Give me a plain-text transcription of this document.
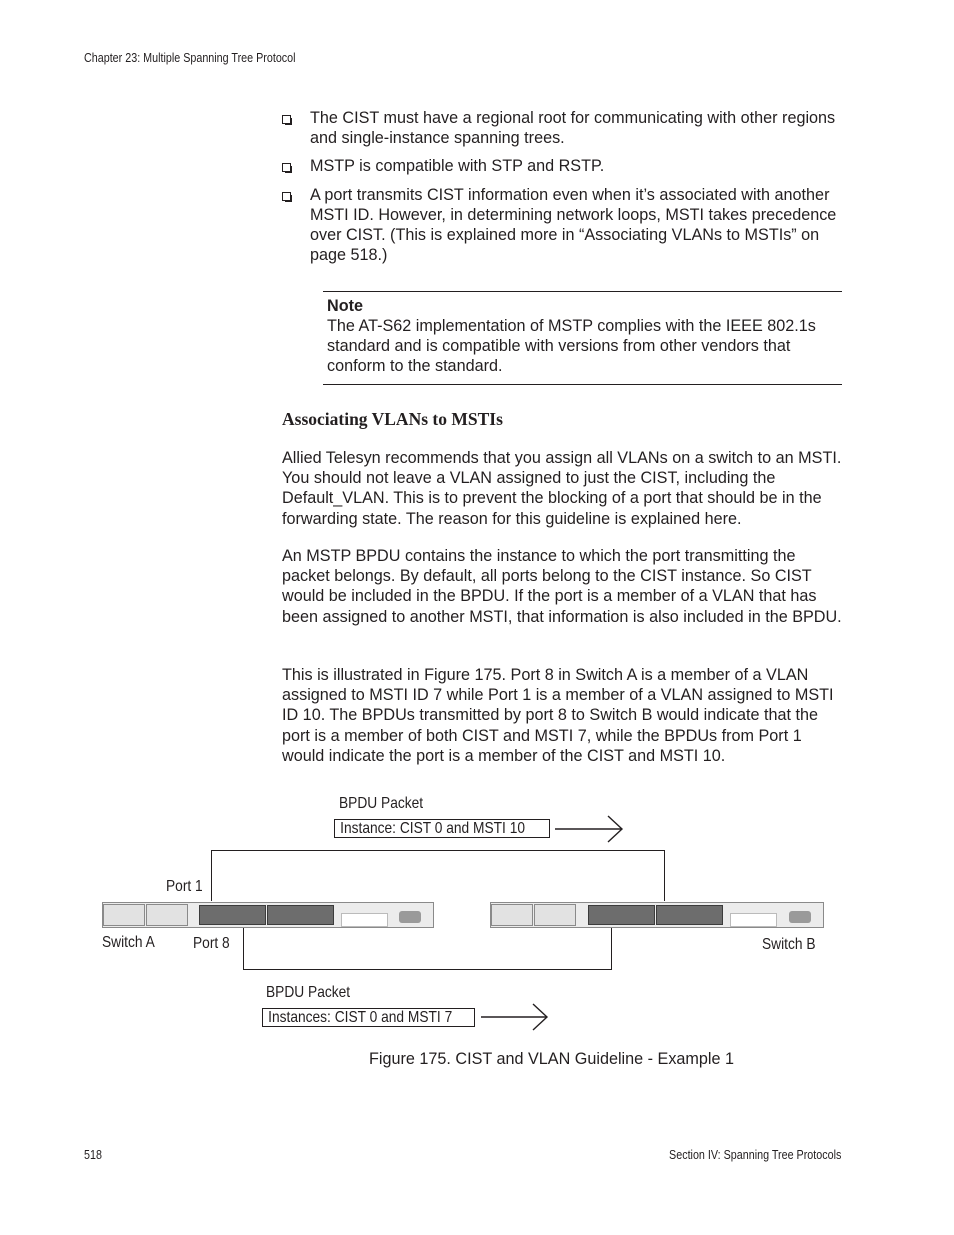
Chapter 23: Multiple Spanning Tree Protocol
The CIST must have a regional root for communicating with other regions and single-instance spanning trees.
MSTP is compatible with STP and RSTP.
A port transmits CIST information even when it’s associated with another MSTI ID. However, in determining network loops, MSTI takes precedence over CIST. (This is explained more in “Associating VLANs to MSTIs” on page 518.)
Note
The AT-S62 implementation of MSTP complies with the IEEE 802.1s standard and is compatible with versions from other vendors that conform to the standard.
Associating VLANs to MSTIs

Allied Telesyn recommends that you assign all VLANs on a switch to an MSTI. You should not leave a VLAN assigned to just the CIST, including the Default_VLAN. This is to prevent the blocking of a port that should be in the forwarding state. The reason for this guideline is explained here.

An MSTP BPDU contains the instance to which the port transmitting the packet belongs. By default, all ports belong to the CIST instance. So CIST would be included in the BPDU. If the port is a member of a VLAN that has been assigned to another MSTI, that information is also included in the BPDU.

This is illustrated in Figure 175. Port 8 in Switch A is a member of a VLAN assigned to MSTI ID 7 while Port 1 is a member of a VLAN assigned to MSTI ID 10. The BPDUs transmitted by port 8 to Switch B would indicate that the port is a member of both CIST and MSTI 7, while the BPDUs from Port 1 would indicate the port is a member of the CIST and MSTI 10.

BPDU Packet
Instance: CIST 0 and MSTI 10
Port 1
Port 8
Switch A	Switch B
BPDU Packet
Instances: CIST 0 and MSTI 7
Figure 175. CIST and VLAN Guideline - Example 1
518	Section IV: Spanning Tree Protocols
